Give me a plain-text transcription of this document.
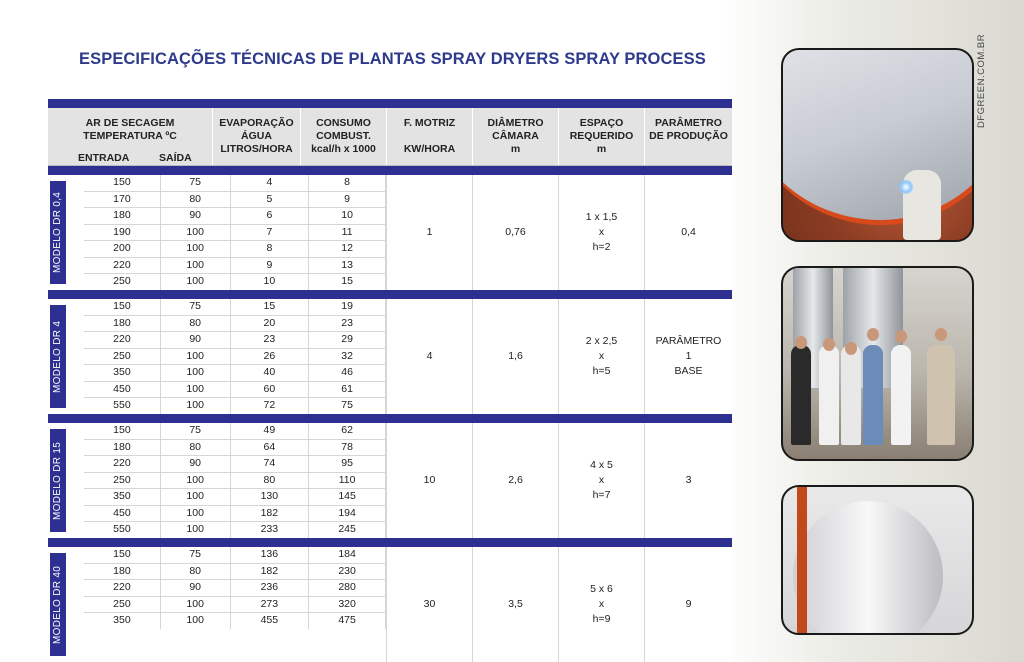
ESPECIFICAÇÕES TÉCNICAS DE PLANTAS SPRAY DRYERS SPRAY PROCESS	DFGREEN.COM.BR
AR DE SECAGEM
TEMPERATURA ºC
ENTRADA	SAÍDA
EVAPORAÇÃO
ÁGUA
LITROS/HORA
CONSUMO
COMBUST.
kcal/h x 1000
F. MOTRIZ
KW/HORA
DIÂMETRO
CÂMARA
m
ESPAÇO
REQUERIDO
m
PARÂMETRO
DE PRODUÇÃO
MODELO DR 0,4
150	75	4	8
170	80	5	9
180	90	6	10
190	100	7	11
200	100	8	12
220	100	9	13
250	100	10	15
1	0,76
1 x 1,5
x
h=2
0,4
MODELO DR 4
150	75	15	19
180	80	20	23
220	90	23	29
250	100	26	32
350	100	40	46
450	100	60	61
550	100	72	75
4	1,6
2 x 2,5
x
h=5
PARÂMETRO
1
BASE
MODELO DR 15
150	75	49	62
180	80	64	78
220	90	74	95
250	100	80	110
350	100	130	145
450	100	182	194
550	100	233	245
10	2,6
4 x 5
x
h=7
3
MODELO DR 40
150	75	136	184
180	80	182	230
220	90	236	280
250	100	273	320
350	100	455	475
30	3,5
5 x 6
x
h=9
9
